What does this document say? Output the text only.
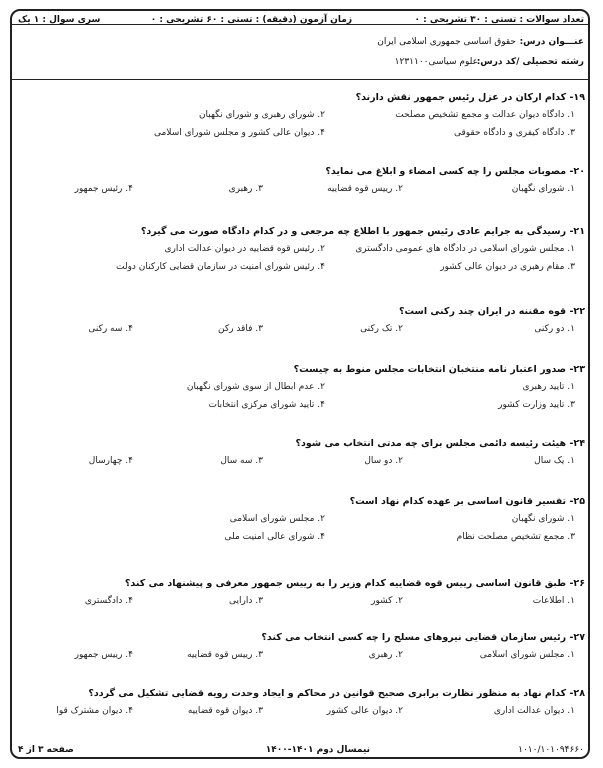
تعداد سوالات : تستی : ۳۰ تشریحی : ۰
زمان آزمون (دقیقه) : تستی : ۶۰ تشریحی : ۰
سری سوال : ۱ یک
عنـــوان درس:
حقوق اساسی جمهوری اسلامی ایران
رشته تحصیلی /کد درس:
علوم سیاسی۱۲۳۱۱۰۰
۱۹- کدام ارکان در عزل رئیس جمهور نقش دارند؟
۱. دادگاه دیوان عدالت و مجمع تشخیص مصلحت
۲. شورای رهبری و شورای نگهبان
۳. دادگاه کیفری و دادگاه حقوقی
۴. دیوان عالی کشور و مجلس شورای اسلامی
۲۰- مصوبات مجلس را چه کسی امضاء و ابلاغ می نماید؟
۱. شورای نگهبان
۲. رییس قوه قضاییه
۳. رهبری
۴. رئیس جمهور
۲۱- رسیدگی به جرایم عادی رئیس جمهور با اطلاع چه مرجعی و در کدام دادگاه صورت می گیرد؟
۱. مجلس شورای اسلامی در دادگاه های عمومی دادگستری
۲. رئیس قوه قضاییه در دیوان عدالت اداری
۳. مقام رهبری در دیوان عالی کشور
۴. رئیس شورای امنیت در سازمان قضایی کارکنان دولت
۲۲- قوه مقننه در ایران چند رکنی است؟
۱. دو رکنی
۲. تک رکنی
۳. فاقد رکن
۴. سه رکنی
۲۳- صدور اعتبار نامه منتخبان انتخابات مجلس منوط به چیست؟
۱. تایید رهبری
۲. عدم ابطال از سوی شورای نگهبان
۳. تایید وزارت کشور
۴. تایید شورای مرکزی انتخابات
۲۴- هیئت رئیسه دائمی مجلس برای چه مدتی انتخاب می شود؟
۱. یک سال
۲. دو سال
۳. سه سال
۴. چهارسال
۲۵- تفسیر قانون اساسی بر عهده کدام نهاد است؟
۱. شورای نگهبان
۲. مجلس شورای اسلامی
۳. مجمع تشخیص مصلحت نظام
۴. شورای عالی امنیت ملی
۲۶- طبق قانون اساسی رییس قوه قضاییه کدام وزیر را به رییس جمهور معرفی و پیشنهاد می کند؟
۱. اطلاعات
۲. کشور
۳. دارایی
۴. دادگستری
۲۷- رئیس سازمان قضایی نیروهای مسلح را چه کسی انتخاب می کند؟
۱. مجلس شورای اسلامی
۲. رهبری
۳. رییس قوه قضاییه
۴. رییس جمهور
۲۸- کدام نهاد به منظور نظارت برابری صحیح قوانین در محاکم و ایجاد وحدت رویه قضایی تشکیل می گردد؟
۱. دیوان عدالت اداری
۲. دیوان عالی کشور
۳. دیوان قوه قضاییه
۴. دیوان مشترک قوا
۱۰۱۰/۱۰۱۰۹۴۶۶۰
نیمسال دوم ۱۴۰۱-۱۴۰۰
صفحه ۳ از ۴
